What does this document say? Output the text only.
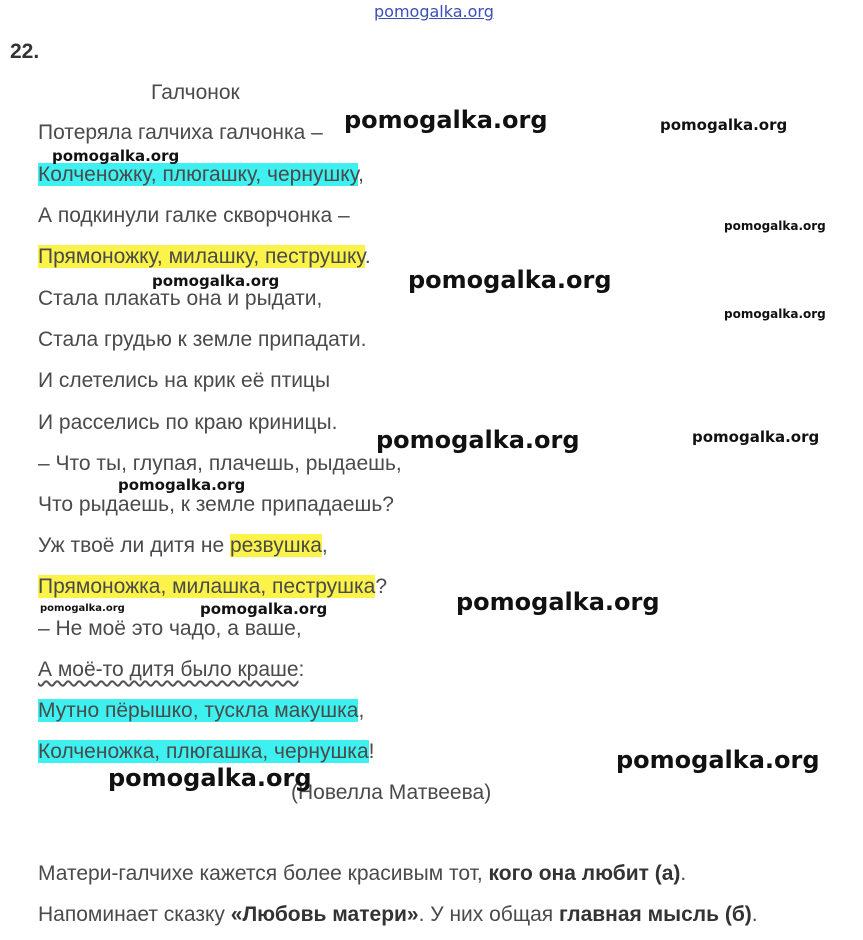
pomogalka.org
22.
Галчонок
Потеряла галчиха галчонка –
Колченожку, плюгашку, чернушку,
А подкинули галке скворчонка –
Прямоножку, милашку, пеструшку.
Стала плакать она и рыдати,
Стала грудью к земле припадати.
И слетелись на крик её птицы
И расселись по краю криницы.
– Что ты, глупая, плачешь, рыдаешь,
Что рыдаешь, к земле припадаешь?
Уж твоё ли дитя не резвушка,
Прямоножка, милашка, пеструшка?
– Не моё это чадо, а ваше,
А моё-то дитя было краше:
Мутно пёрышко, тускла макушка,
Колченожка, плюгашка, чернушка!
(Новелла Матвеева)
Матери-галчихе кажется более красивым тот, кого она любит (а).
Напоминает сказку «Любовь матери». У них общая главная мысль (б).
pomogalka.org	pomogalka.org
pomogalka.org
pomogalka.org
pomogalka.org
pomogalka.org
pomogalka.org
pomogalka.org	pomogalka.org
pomogalka.org
pomogalka.org
pomogalka.org
pomogalka.org
pomogalka.org
pomogalka.org
